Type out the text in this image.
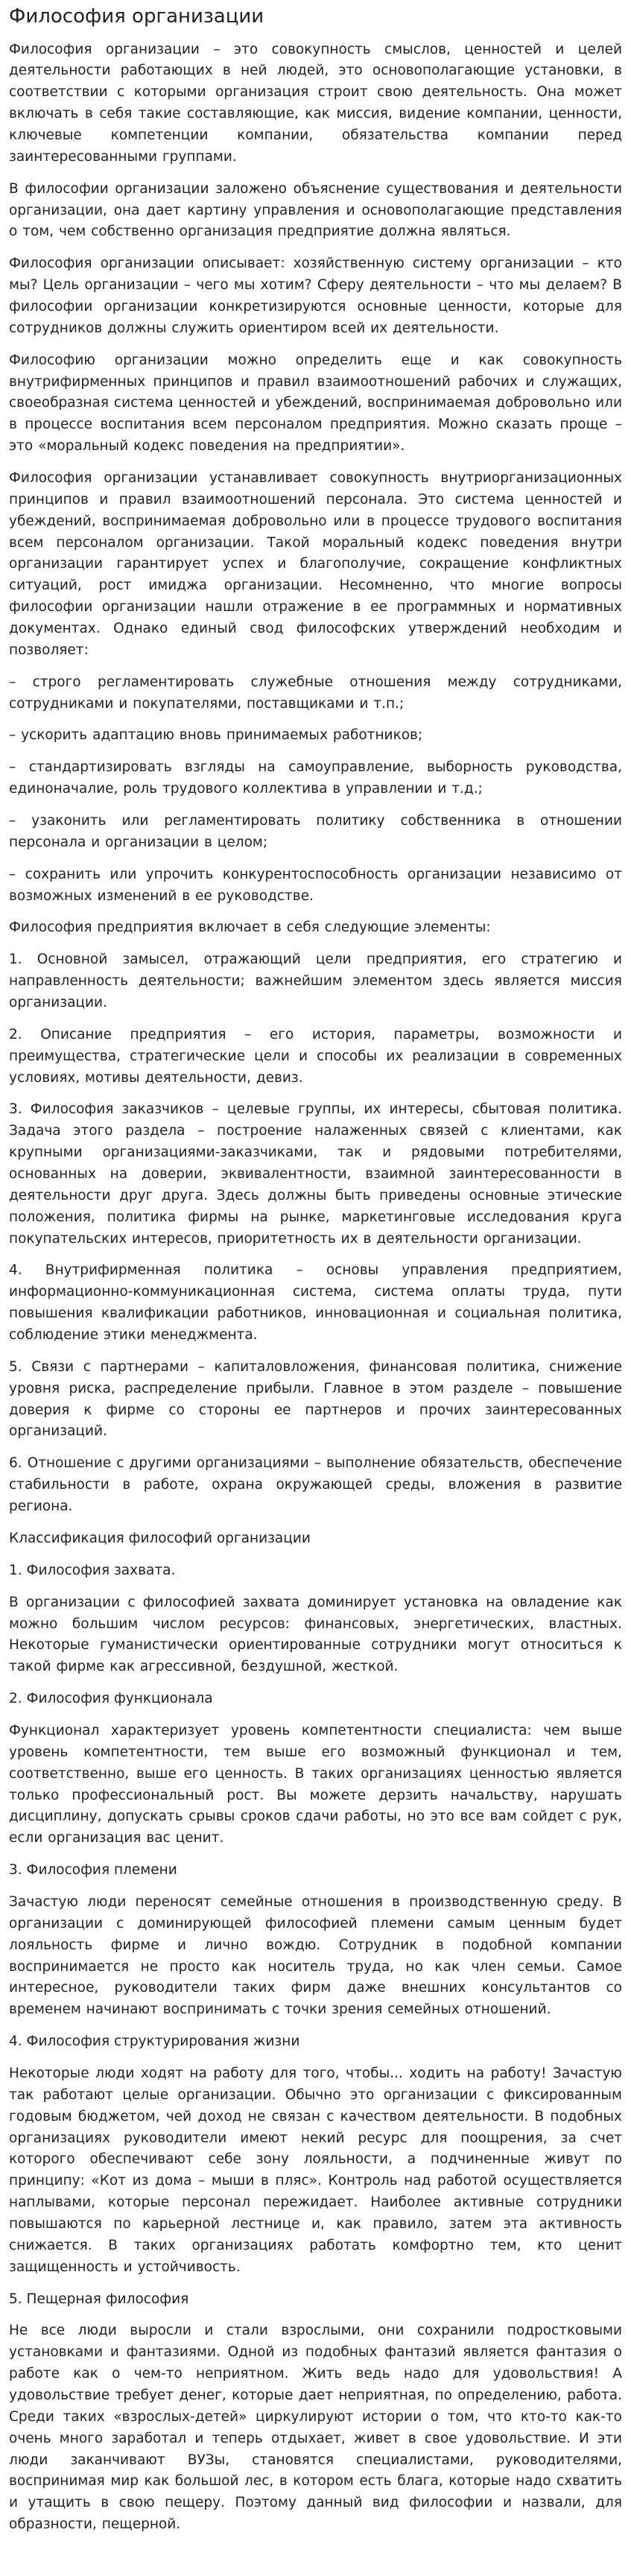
Философия организации

Философия организации – это совокупность смыслов, ценностей и целей деятельности работающих в ней людей, это основополагающие установки, в соответствии с которыми организация строит свою деятельность. Она может включать в себя такие составляющие, как миссия, видение компании, ценности, ключевые компетенции компании, обязательства компании перед заинтересованными группами.

В философии организации заложено объяснение существования и деятельности организации, она дает картину управления и основополагающие представления о том, чем собственно организация предприятие должна являться.

Философия организации описывает: хозяйственную систему организации – кто мы? Цель организации – чего мы хотим? Сферу деятельности – что мы делаем? В философии организации конкретизируются основные ценности, которые для сотрудников должны служить ориентиром всей их деятельности.

Философию организации можно определить еще и как совокупность внутрифирменных принципов и правил взаимоотношений рабочих и служащих, своеобразная система ценностей и убеждений, воспринимаемая добровольно или в процессе воспитания всем персоналом предприятия. Можно сказать проще – это «моральный кодекс поведения на предприятии».

Философия организации устанавливает совокупность внутриорганизационных принципов и правил взаимоотношений персонала. Это система ценностей и убеждений, воспринимаемая добровольно или в процессе трудового воспитания всем персоналом организации. Такой моральный кодекс поведения внутри организации гарантирует успех и благополучие, сокращение конфликтных ситуаций, рост имиджа организации. Несомненно, что многие вопросы философии организации нашли отражение в ее программных и нормативных документах. Однако единый свод философских утверждений необходим и позволяет:

– строго регламентировать служебные отношения между сотрудниками, сотрудниками и покупателями, поставщиками и т.п.;

– ускорить адаптацию вновь принимаемых работников;

– стандартизировать взгляды на самоуправление, выборность руководства, единоначалие, роль трудового коллектива в управлении и т.д.;

– узаконить или регламентировать политику собственника в отношении персонала и организации в целом;

– сохранить или упрочить конкурентоспособность организации независимо от возможных изменений в ее руководстве.

Философия предприятия включает в себя следующие элементы:

1. Основной замысел, отражающий цели предприятия, его стратегию и направленность деятельности; важнейшим элементом здесь является миссия организации.

2. Описание предприятия – его история, параметры, возможности и преимущества, стратегические цели и способы их реализации в современных условиях, мотивы деятельности, девиз.

3. Философия заказчиков – целевые группы, их интересы, сбытовая политика. Задача этого раздела – построение налаженных связей с клиентами, как крупными организациями-заказчиками, так и рядовыми потребителями, основанных на доверии, эквивалентности, взаимной заинтересованности в деятельности друг друга. Здесь должны быть приведены основные этические положения, политика фирмы на рынке, маркетинговые исследования круга покупательских интересов, приоритетность их в деятельности организации.

4. Внутрифирменная политика – основы управления предприятием, информационно-коммуникационная система, система оплаты труда, пути повышения квалификации работников, инновационная и социальная политика, соблюдение этики менеджмента.

5. Связи с партнерами – капиталовложения, финансовая политика, снижение уровня риска, распределение прибыли. Главное в этом разделе – повышение доверия к фирме со стороны ее партнеров и прочих заинтересованных организаций.

6. Отношение с другими организациями – выполнение обязательств, обеспечение стабильности в работе, охрана окружающей среды, вложения в развитие региона.

Классификация философий организации

1. Философия захвата.

В организации с философией захвата доминирует установка на овладение как можно большим числом ресурсов: финансовых, энергетических, властных. Некоторые гуманистически ориентированные сотрудники могут относиться к такой фирме как агрессивной, бездушной, жесткой.

2. Философия функционала

Функционал характеризует уровень компетентности специалиста: чем выше уровень компетентности, тем выше его возможный функционал и тем, соответственно, выше его ценность. В таких организациях ценностью является только профессиональный рост. Вы можете дерзить начальству, нарушать дисциплину, допускать срывы сроков сдачи работы, но это все вам сойдет с рук, если организация вас ценит.

3. Философия племени

Зачастую люди переносят семейные отношения в производственную среду. В организации с доминирующей философией племени самым ценным будет лояльность фирме и лично вождю. Сотрудник в подобной компании воспринимается не просто как носитель труда, но как член семьи. Самое интересное, руководители таких фирм даже внешних консультантов со временем начинают воспринимать с точки зрения семейных отношений.

4. Философия структурирования жизни

Некоторые люди ходят на работу для того, чтобы... ходить на работу! Зачастую так работают целые организации. Обычно это организации с фиксированным годовым бюджетом, чей доход не связан с качеством деятельности. В подобных организациях руководители имеют некий ресурс для поощрения, за счет которого обеспечивают себе зону лояльности, а подчиненные живут по принципу: «Кот из дома – мыши в пляс». Контроль над работой осуществляется наплывами, которые персонал пережидает. Наиболее активные сотрудники повышаются по карьерной лестнице и, как правило, затем эта активность снижается. В таких организациях работать комфортно тем, кто ценит защищенность и устойчивость.

5. Пещерная философия

Не все люди выросли и стали взрослыми, они сохранили подростковыми установками и фантазиями. Одной из подобных фантазий является фантазия о работе как о чем-то неприятном. Жить ведь надо для удовольствия! А удовольствие требует денег, которые дает неприятная, по определению, работа. Среди таких «взрослых-детей» циркулируют истории о том, что кто-то как-то очень много заработал и теперь отдыхает, живет в свое удовольствие. И эти люди заканчивают ВУЗы, становятся специалистами, руководителями, воспринимая мир как большой лес, в котором есть блага, которые надо схватить и утащить в свою пещеру. Поэтому данный вид философии и назвали, для образности, пещерной.
